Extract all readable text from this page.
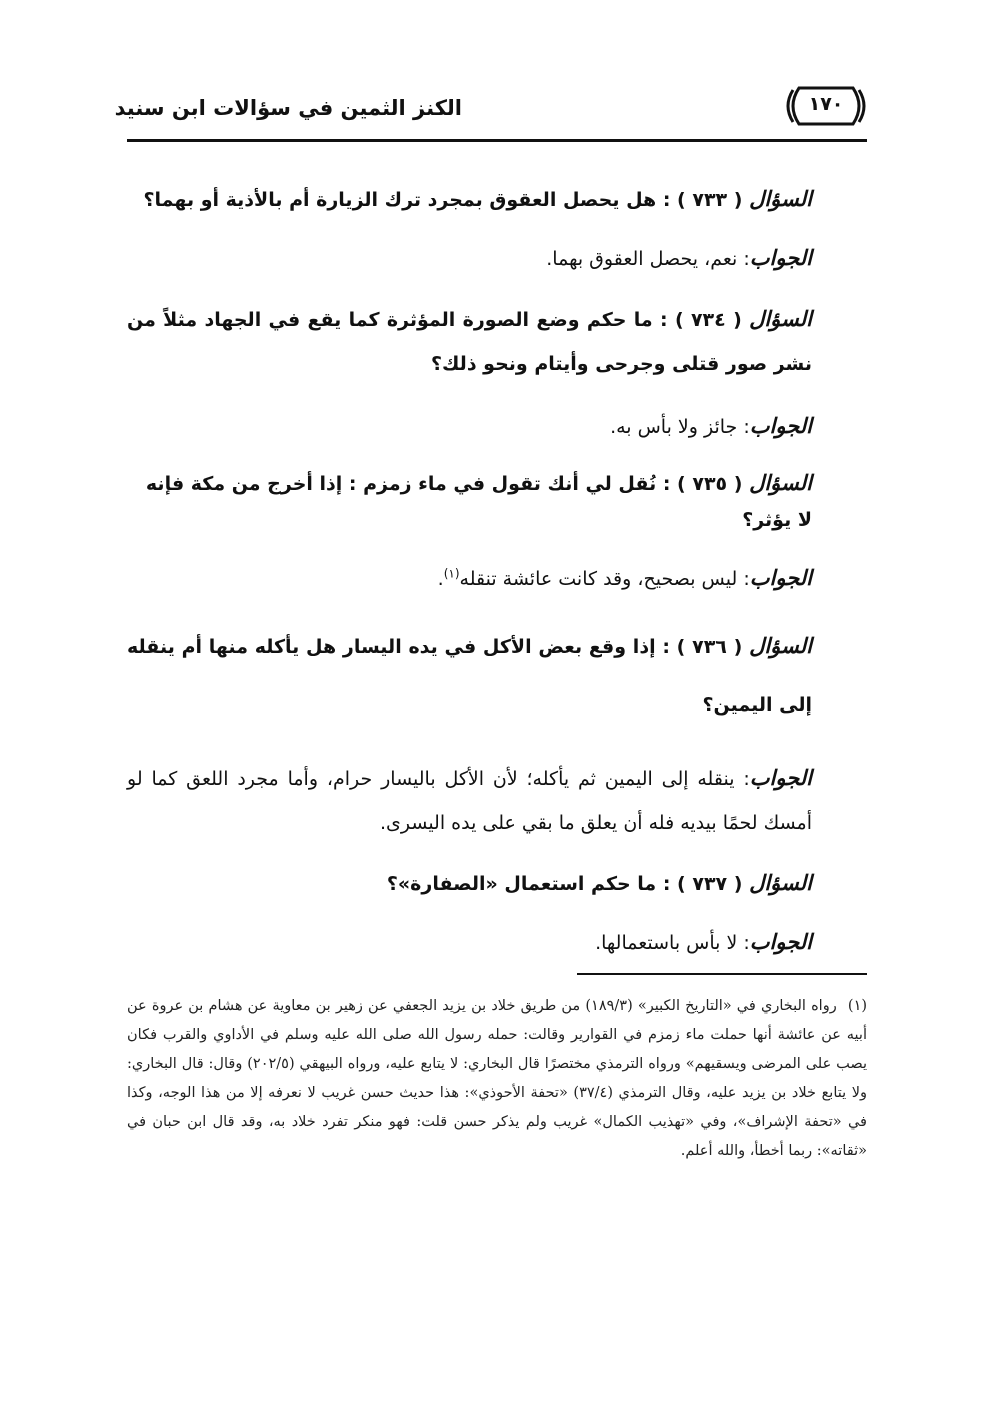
الكنز الثمين في سؤالات ابن سنيد	١٧٠

السؤال ( ٧٣٣ ) : هل يحصل العقوق بمجرد ترك الزيارة أم بالأذية أو بهما؟

الجواب: نعم، يحصل العقوق بهما.

السؤال ( ٧٣٤ ) : ما حكم وضع الصورة المؤثرة كما يقع في الجهاد مثلاً من نشر صور قتلى وجرحى وأيتام ونحو ذلك؟

الجواب: جائز ولا بأس به.

السؤال ( ٧٣٥ ) : نُقل لي أنك تقول في ماء زمزم : إذا أخرج من مكة فإنه لا يؤثر؟

الجواب: ليس بصحيح، وقد كانت عائشة تنقله$^{(١)}$.

السؤال ( ٧٣٦ ) : إذا وقع بعض الأكل في يده اليسار هل يأكله منها أم ينقله إلى اليمين؟

الجواب: ينقله إلى اليمين ثم يأكله؛ لأن الأكل باليسار حرام، وأما مجرد اللعق كما لو أمسك لحمًا بيديه فله أن يعلق ما بقي على يده اليسرى.

السؤال ( ٧٣٧ ) : ما حكم استعمال «الصفارة»؟

الجواب: لا بأس باستعمالها.

(١) رواه البخاري في «التاريخ الكبير» (١٨٩/٣) من طريق خلاد بن يزيد الجعفي عن زهير بن معاوية عن هشام بن عروة عن أبيه عن عائشة أنها حملت ماء زمزم في القوارير وقالت: حمله رسول الله صلى الله عليه وسلم في الأداوي والقرب فكان يصب على المرضى ويسقيهم» ورواه الترمذي مختصرًا قال البخاري: لا يتابع عليه، ورواه البيهقي (٢٠٢/٥) وقال: قال البخاري: ولا يتابع خلاد بن يزيد عليه، وقال الترمذي (٣٧/٤) «تحفة الأحوذي»: هذا حديث حسن غريب لا نعرفه إلا من هذا الوجه، وكذا في «تحفة الإشراف»، وفي «تهذيب الكمال» غريب ولم يذكر حسن قلت: فهو منكر تفرد خلاد به، وقد قال ابن حبان في «ثقاته»: ربما أخطأ، والله أعلم.
